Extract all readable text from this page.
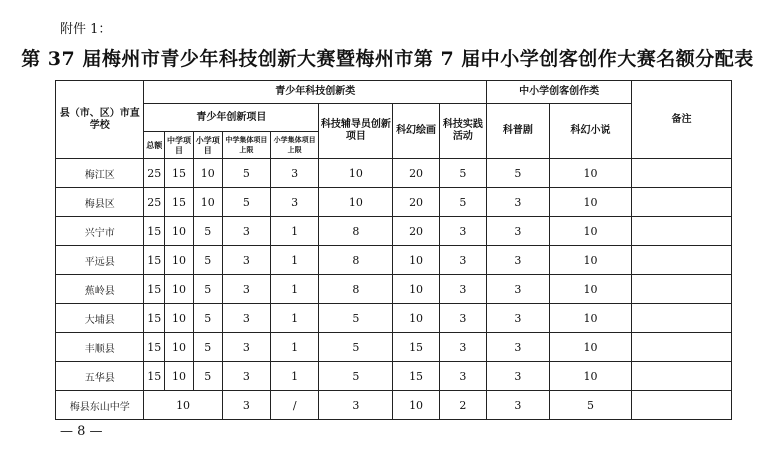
附件 1：
第 37 届梅州市青少年科技创新大赛暨梅州市第 7 届中小学创客创作大赛名额分配表
县（市、区）市直学校	青少年科技创新类								中小学创客创作类		备注
	青少年创新项目					科技辅导员创新项目	科幻绘画	科技实践活动	科普剧	科幻小说	
	总额	中学项目	小学项目	中学集体项目上限	小学集体项目上限						
梅江区	25	15	10	5	3	10	20	5	5	10	
梅县区	25	15	10	5	3	10	20	5	3	10	
兴宁市	15	10	5	3	1	8	20	3	3	10	
平远县	15	10	5	3	1	8	10	3	3	10	
蕉岭县	15	10	5	3	1	8	10	3	3	10	
大埔县	15	10	5	3	1	5	10	3	3	10	
丰顺县	15	10	5	3	1	5	15	3	3	10	
五华县	15	10	5	3	1	5	15	3	3	10	
梅县东山中学	10			3	/	3	10	2	3	5	
— 8 —
